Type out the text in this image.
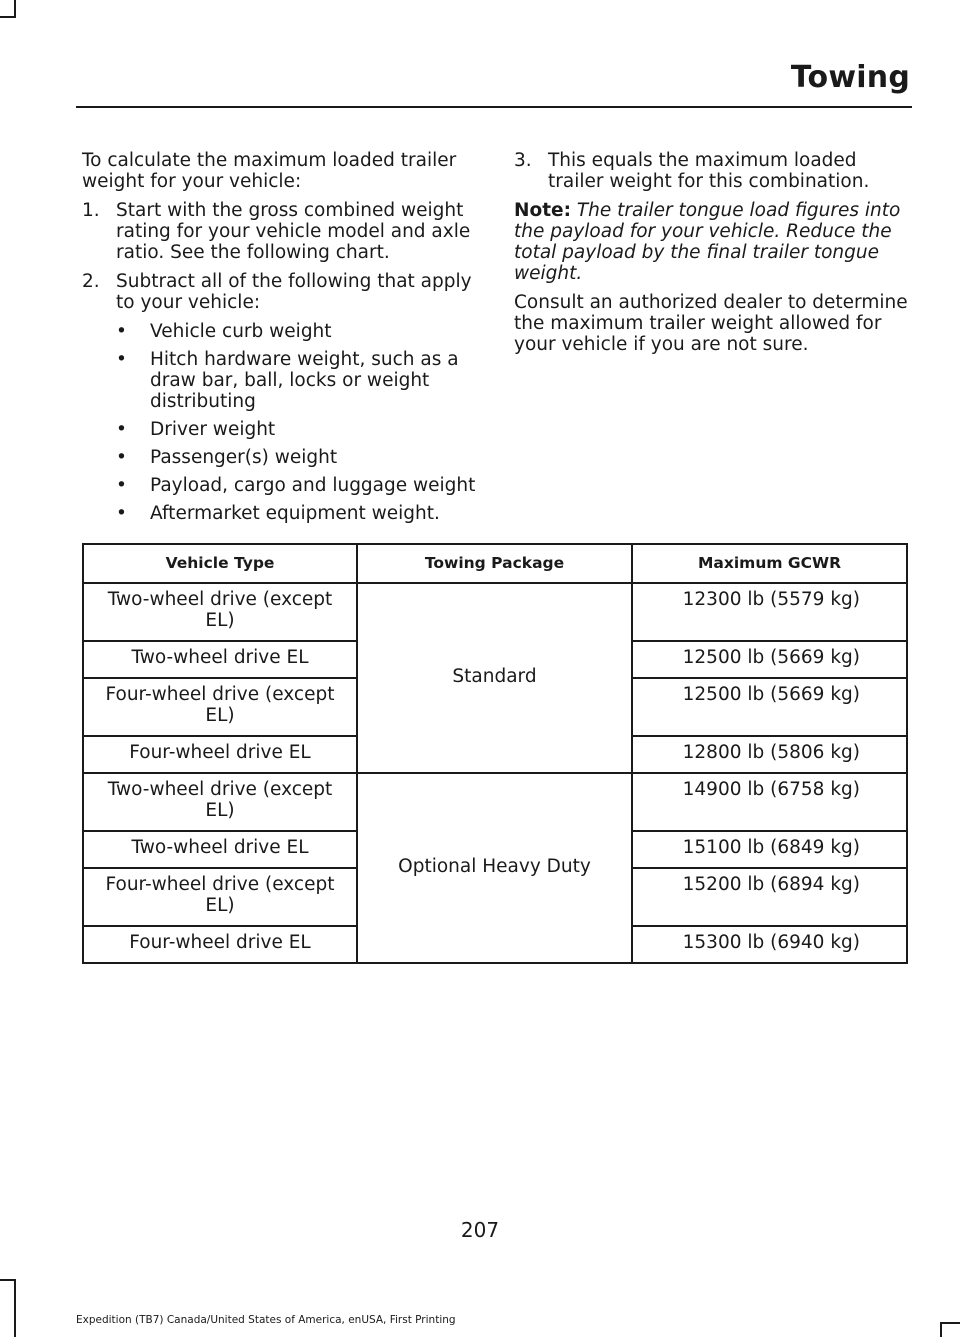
Towing

To calculate the maximum loaded trailer weight for your vehicle:

1. Start with the gross combined weight rating for your vehicle model and axle ratio. See the following chart.
2. Subtract all of the following that apply to your vehicle:
• Vehicle curb weight
• Hitch hardware weight, such as a draw bar, ball, locks or weight distributing
• Driver weight
• Passenger(s) weight
• Payload, cargo and luggage weight
• Aftermarket equipment weight.
3. This equals the maximum loaded trailer weight for this combination.

Note: The trailer tongue load figures into the payload for your vehicle. Reduce the total payload by the final trailer tongue weight.

Consult an authorized dealer to determine the maximum trailer weight allowed for your vehicle if you are not sure.

Vehicle Type	Towing Package	Maximum GCWR
Two-wheel drive (except EL)	Standard	12300 lb (5579 kg)
Two-wheel drive EL		12500 lb (5669 kg)
Four-wheel drive (except EL)		12500 lb (5669 kg)
Four-wheel drive EL		12800 lb (5806 kg)
Two-wheel drive (except EL)	Optional Heavy Duty	14900 lb (6758 kg)
Two-wheel drive EL		15100 lb (6849 kg)
Four-wheel drive (except EL)		15200 lb (6894 kg)
Four-wheel drive EL		15300 lb (6940 kg)
207
Expedition (TB7) Canada/United States of America, enUSA, First Printing
